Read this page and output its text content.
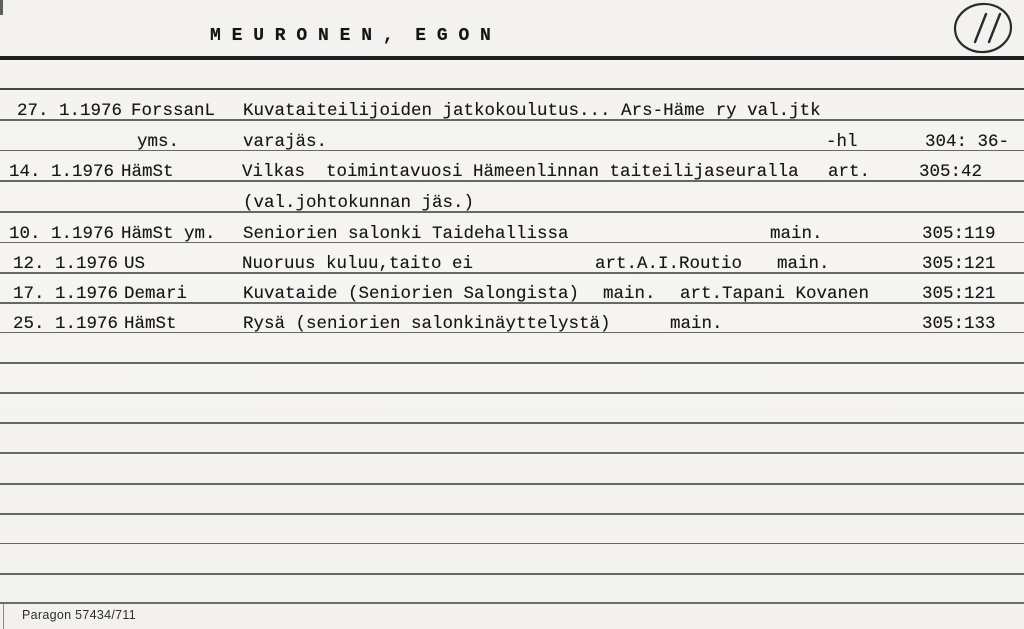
M E U R O N E N ,  E G O N
27. 1.1976 ForssanL Kuvataiteilijoiden jatkokoulutus... Ars-Häme ry val.jtk
yms.	varajäs.	-hl	304: 36-
14. 1.1976 HämSt	Vilkas  toimintavuosi Hämeenlinnan taiteilijaseuralla art.	305:42
(val.johtokunnan jäs.)
10. 1.1976 HämSt ym. Seniorien salonki Taidehallissa	main.	305:119
12. 1.1976 US	Nuoruus kuluu,taito ei	art.A.I.Routio main.	305:121
17. 1.1976 Demari	Kuvataide (Seniorien Salongista) main. art.Tapani Kovanen	305:121
25. 1.1976 HämSt	Rysä (seniorien salonkinäyttelystä)	main.	305:133
Paragon 57434/711
